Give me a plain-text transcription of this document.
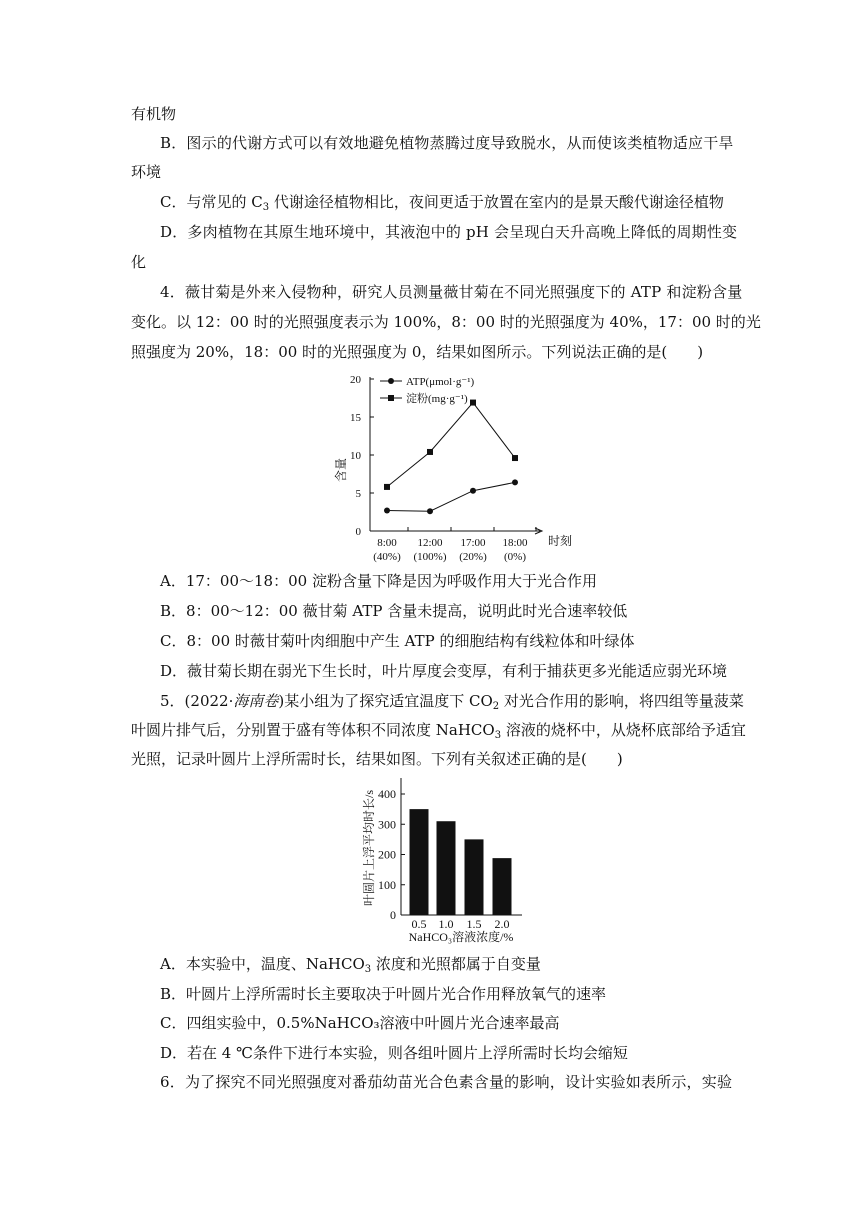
有机物
B．图示的代谢方式可以有效地避免植物蒸腾过度导致脱水，从而使该类植物适应干旱
环境
C．与常见的 $C_3$ 代谢途径植物相比，夜间更适于放置在室内的是景天酸代谢途径植物
D．多肉植物在其原生地环境中，其液泡中的 pH 会呈现白天升高晚上降低的周期性变
化
4．薇甘菊是外来入侵物种，研究人员测量薇甘菊在不同光照强度下的 ATP 和淀粉含量
变化。以 12：00 时的光照强度表示为 100%，8：00 时的光照强度为 40%，17：00 时的光
照强度为 20%，18：00 时的光照强度为 0，结果如图所示。下列说法正确的是(　　)
0
5
10
15
20
8:00
(40%)
12:00
(100%)
17:00
(20%)
18:00
(0%)
时刻
含量
ATP(μmol·g⁻¹)
淀粉(mg·g⁻¹)
A．17：00～18：00 淀粉含量下降是因为呼吸作用大于光合作用
B．8：00～12：00 薇甘菊 ATP 含量未提高，说明此时光合速率较低
C．8：00 时薇甘菊叶肉细胞中产生 ATP 的细胞结构有线粒体和叶绿体
D．薇甘菊长期在弱光下生长时，叶片厚度会变厚，有利于捕获更多光能适应弱光环境
5．(2022·海南卷)某小组为了探究适宜温度下 $CO_2$ 对光合作用的影响，将四组等量菠菜
叶圆片排气后，分别置于盛有等体积不同浓度 NaHCO$_3$ 溶液的烧杯中，从烧杯底部给予适宜
光照，记录叶圆片上浮所需时长，结果如图。下列有关叙述正确的是(　　)
0
100
200
300
400
0.5 1.0 1.5 2.0
NaHCO₃溶液浓度/%
叶圆片上浮平均时长/s
A．本实验中，温度、NaHCO$_3$ 浓度和光照都属于自变量
B．叶圆片上浮所需时长主要取决于叶圆片光合作用释放氧气的速率
C．四组实验中，0.5%NaHCO₃溶液中叶圆片光合速率最高
D．若在 4 ℃条件下进行本实验，则各组叶圆片上浮所需时长均会缩短
6．为了探究不同光照强度对番茄幼苗光合色素含量的影响，设计实验如表所示，实验
